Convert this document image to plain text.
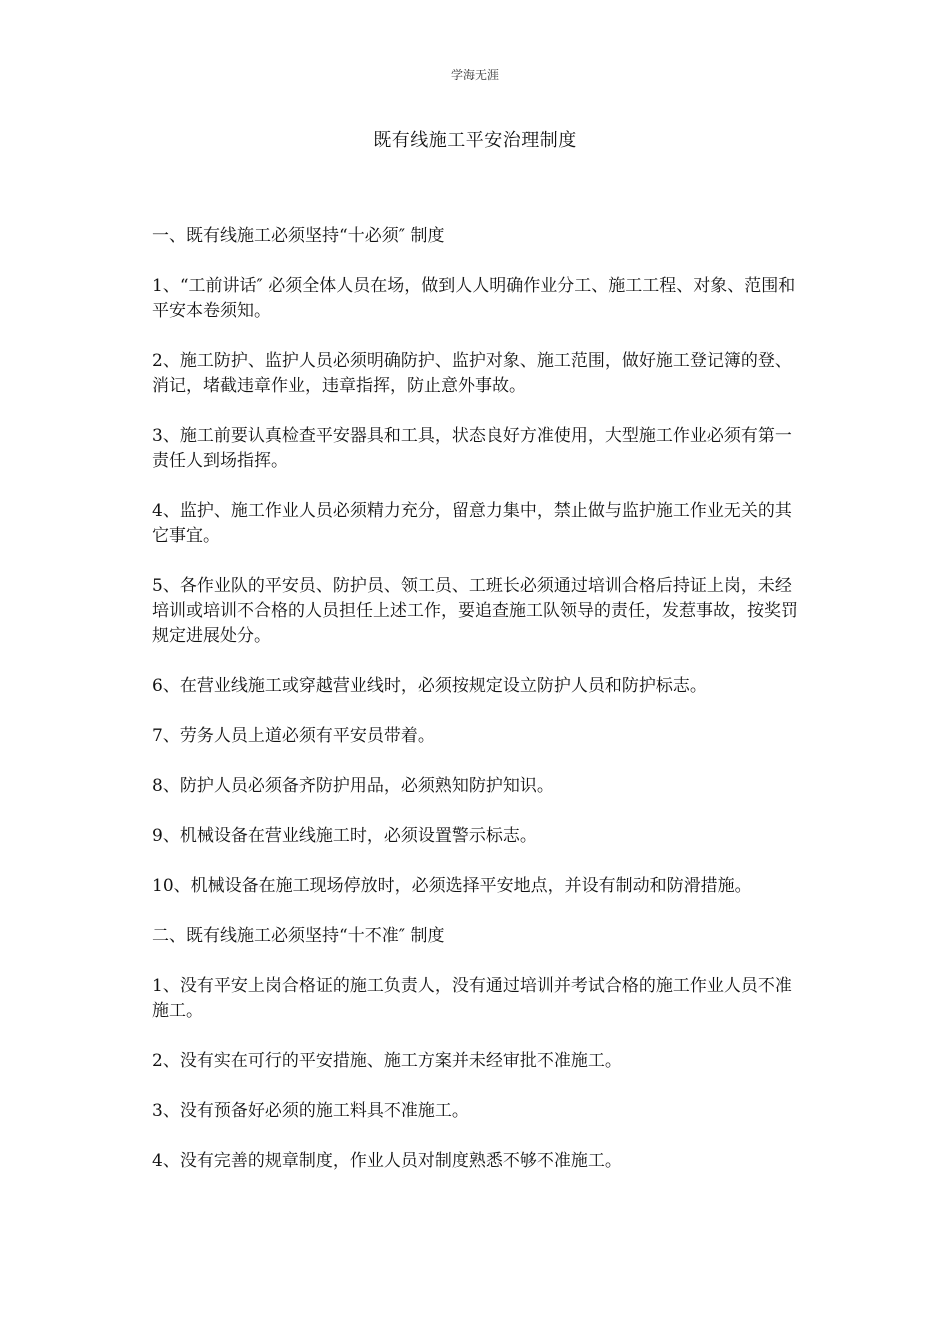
学海无涯
既有线施工平安治理制度

一、既有线施工必须坚持“十必须″ 制度

1、“工前讲话″ 必须全体人员在场，做到人人明确作业分工、施工工程、对象、范围和平安本卷须知。

2、施工防护、监护人员必须明确防护、监护对象、施工范围，做好施工登记簿的登、消记，堵截违章作业，违章指挥，防止意外事故。

3、施工前要认真检查平安器具和工具，状态良好方准使用，大型施工作业必须有第一责任人到场指挥。

4、监护、施工作业人员必须精力充分，留意力集中，禁止做与监护施工作业无关的其它事宜。

5、各作业队的平安员、防护员、领工员、工班长必须通过培训合格后持证上岗，未经培训或培训不合格的人员担任上述工作，要追查施工队领导的责任，发惹事故，按奖罚规定进展处分。

6、在营业线施工或穿越营业线时，必须按规定设立防护人员和防护标志。

7、劳务人员上道必须有平安员带着。

8、防护人员必须备齐防护用品，必须熟知防护知识。

9、机械设备在营业线施工时，必须设置警示标志。

10、机械设备在施工现场停放时，必须选择平安地点，并设有制动和防滑措施。

二、既有线施工必须坚持“十不准″ 制度

1、没有平安上岗合格证的施工负责人，没有通过培训并考试合格的施工作业人员不准施工。

2、没有实在可行的平安措施、施工方案并未经审批不准施工。

3、没有预备好必须的施工料具不准施工。

4、没有完善的规章制度，作业人员对制度熟悉不够不准施工。
